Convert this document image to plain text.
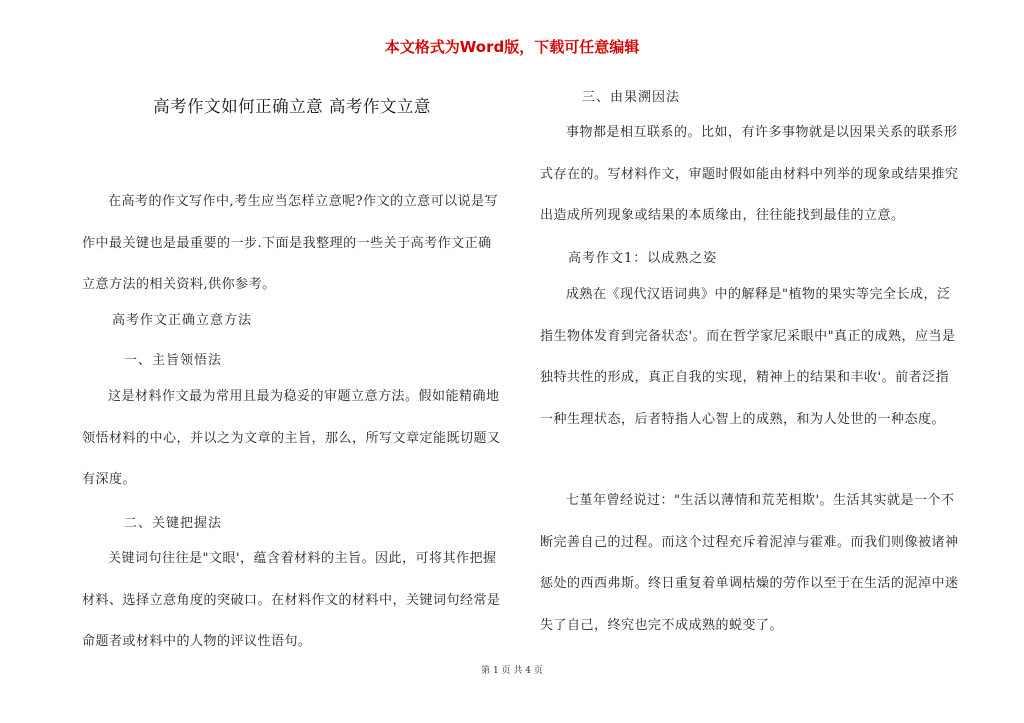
本文格式为Word版，下载可任意编辑
高考作文如何正确立意 高考作文立意
在高考的作文写作中,考生应当怎样立意呢?作文的立意可以说是写作中最关键也是最重要的一步.下面是我整理的一些关于高考作文正确立意方法的相关资料,供你参考。
高考作文正确立意方法
一、主旨领悟法
这是材料作文最为常用且最为稳妥的审题立意方法。假如能精确地领悟材料的中心，并以之为文章的主旨，那么，所写文章定能既切题又有深度。
二、关键把握法
关键词句往往是"文眼'，蕴含着材料的主旨。因此，可将其作把握材料、选择立意角度的突破口。在材料作文的材料中，关键词句经常是命题者或材料中的人物的评议性语句。
三、由果溯因法
事物都是相互联系的。比如，有许多事物就是以因果关系的联系形式存在的。写材料作文，审题时假如能由材料中列举的现象或结果推究出造成所列现象或结果的本质缘由，往往能找到最佳的立意。
高考作文1：以成熟之姿
成熟在《现代汉语词典》中的解释是"植物的果实等完全长成，泛指生物体发育到完备状态'。而在哲学家尼采眼中"真正的成熟，应当是独特共性的形成，真正自我的实现，精神上的结果和丰收'。前者泛指一种生理状态，后者特指人心智上的成熟，和为人处世的一种态度。
七堇年曾经说过："生活以薄情和荒芜相欺'。生活其实就是一个不断完善自己的过程。而这个过程充斥着泥淖与霍难。而我们则像被诸神惩处的西西弗斯。终日重复着单调枯燥的劳作以至于在生活的泥淖中迷失了自己，终究也完不成成熟的蜕变了。
第 1 页 共 4 页
